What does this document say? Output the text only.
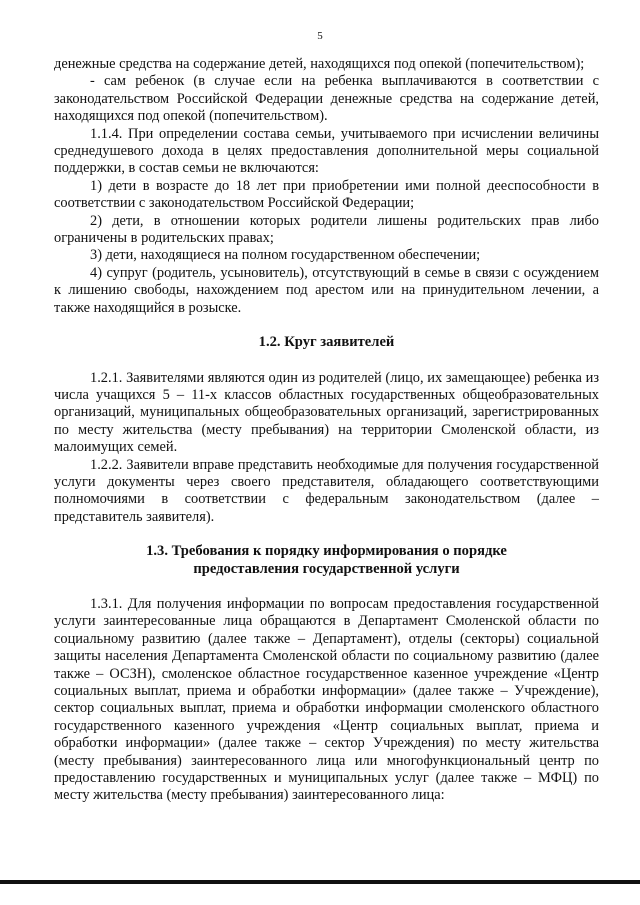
5

денежные средства на содержание детей, находящихся под опекой (попечительством);

- сам ребенок (в случае если на ребенка выплачиваются в соответствии с законодательством Российской Федерации денежные средства на содержание детей, находящихся под опекой (попечительством).

1.1.4. При определении состава семьи, учитываемого при исчислении величины среднедушевого дохода в целях предоставления дополнительной меры социальной поддержки, в состав семьи не включаются:

1) дети в возрасте до 18 лет при приобретении ими полной дееспособности в соответствии с законодательством Российской Федерации;

2) дети, в отношении которых родители лишены родительских прав либо ограничены в родительских правах;

3) дети, находящиеся на полном государственном обеспечении;

4) супруг (родитель, усыновитель), отсутствующий в семье в связи с осуждением к лишению свободы, нахождением под арестом или на принудительном лечении, а также находящийся в розыске.

1.2. Круг заявителей

1.2.1. Заявителями являются один из родителей (лицо, их замещающее) ребенка из числа учащихся 5 – 11-х классов областных государственных общеобразовательных организаций, муниципальных общеобразовательных организаций, зарегистрированных по месту жительства (месту пребывания) на территории Смоленской области, из малоимущих семей.

1.2.2. Заявители вправе представить необходимые для получения государственной услуги документы через своего представителя, обладающего соответствующими полномочиями в соответствии с федеральным законодательством (далее – представитель заявителя).

1.3. Требования к порядку информирования о порядке предоставления государственной услуги

1.3.1. Для получения информации по вопросам предоставления государственной услуги заинтересованные лица обращаются в Департамент Смоленской области по социальному развитию (далее также – Департамент), отделы (секторы) социальной защиты населения Департамента Смоленской области по социальному развитию (далее также – ОСЗН), смоленское областное государственное казенное учреждение «Центр социальных выплат, приема и обработки информации» (далее также – Учреждение), сектор социальных выплат, приема и обработки информации смоленского областного государственного казенного учреждения «Центр социальных выплат, приема и обработки информации» (далее также – сектор Учреждения) по месту жительства (месту пребывания) заинтересованного лица или многофункциональный центр по предоставлению государственных и муниципальных услуг (далее также – МФЦ) по месту жительства (месту пребывания) заинтересованного лица:
